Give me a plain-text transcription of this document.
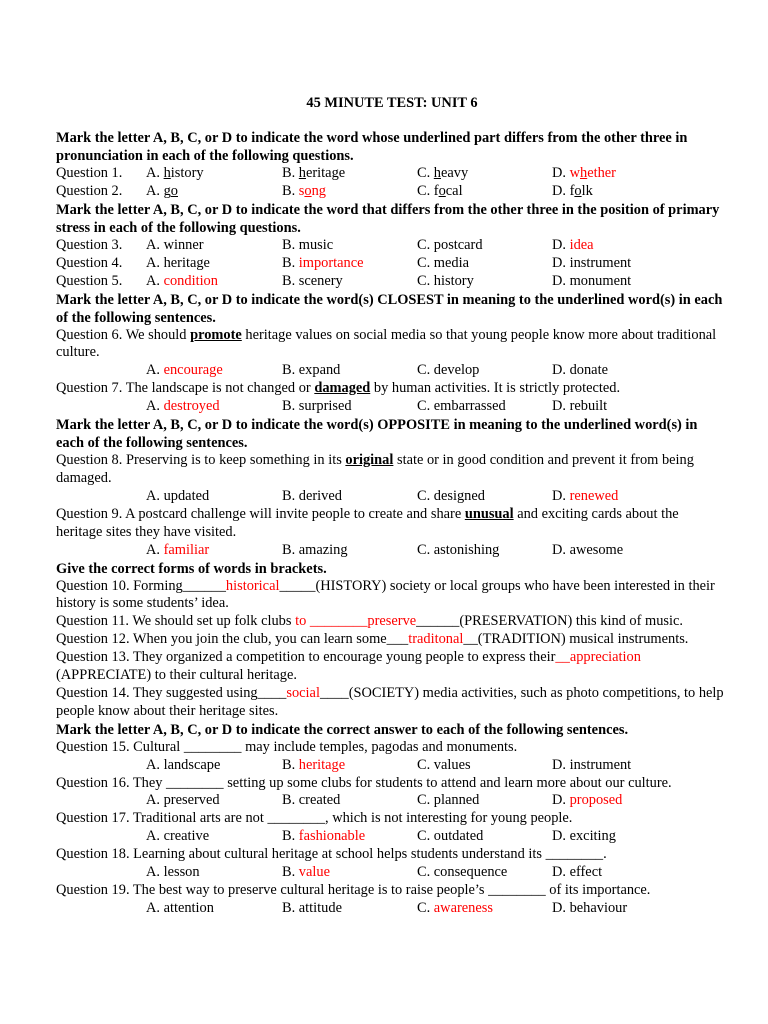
45 MINUTE TEST: UNIT 6
Mark the letter A, B, C, or D to indicate the word whose underlined part differs from the other three in pronunciation in each of the following questions.
Question 1.	A. history	B. heritage	C. heavy	D. whether
Question 2.	A. go	B. song	C. focal	D. folk
Mark the letter A, B, C, or D to indicate the word that differs from the other three in the position of primary stress in each of the following questions.
Question 3.	A. winner	B. music	C. postcard	D. idea
Question 4.	A. heritage	B. importance	C. media	D. instrument
Question 5.	A. condition	B. scenery	C. history	D. monument
Mark the letter A, B, C, or D to indicate the word(s) CLOSEST in meaning to the underlined word(s) in each of the following sentences.
Question 6. We should promote heritage values on social media so that young people know more about traditional culture.
A. encourage	B. expand	C. develop	D. donate
Question 7. The landscape is not changed or damaged by human activities. It is strictly protected.
A. destroyed	B. surprised	C. embarrassed	D. rebuilt
Mark the letter A, B, C, or D to indicate the word(s) OPPOSITE in meaning to the underlined word(s) in each of the following sentences.
Question 8. Preserving is to keep something in its original state or in good condition and prevent it from being damaged.
A. updated	B. derived	C. designed	D. renewed
Question 9. A postcard challenge will invite people to create and share unusual and exciting cards about the heritage sites they have visited.
A. familiar	B. amazing	C. astonishing	D. awesome
Give the correct forms of words in brackets.
Question 10. Forming______historical_____(HISTORY) society or local groups who have been interested in their history is some students’ idea.
Question 11. We should set up folk clubs to ________preserve______(PRESERVATION) this kind of music.
Question 12. When you join the club, you can learn some___traditonal__(TRADITION) musical instruments.
Question 13. They organized a competition to encourage young people to express their__appreciation (APPRECIATE) to their cultural heritage.
Question 14. They suggested using____social____(SOCIETY) media activities, such as photo competitions, to help people know about their heritage sites.
Mark the letter A, B, C, or D to indicate the correct answer to each of the following sentences.
Question 15. Cultural ________ may include temples, pagodas and monuments.
A. landscape	B. heritage	C. values	D. instrument
Question 16. They ________ setting up some clubs for students to attend and learn more about our culture.
A. preserved	B. created	C. planned	D. proposed
Question 17. Traditional arts are not ________, which is not interesting for young people.
A. creative	B. fashionable	C. outdated	D. exciting
Question 18. Learning about cultural heritage at school helps students understand its ________.
A. lesson	B. value	C. consequence	D. effect
Question 19. The best way to preserve cultural heritage is to raise people’s ________ of its importance.
A. attention	B. attitude	C. awareness	D. behaviour
